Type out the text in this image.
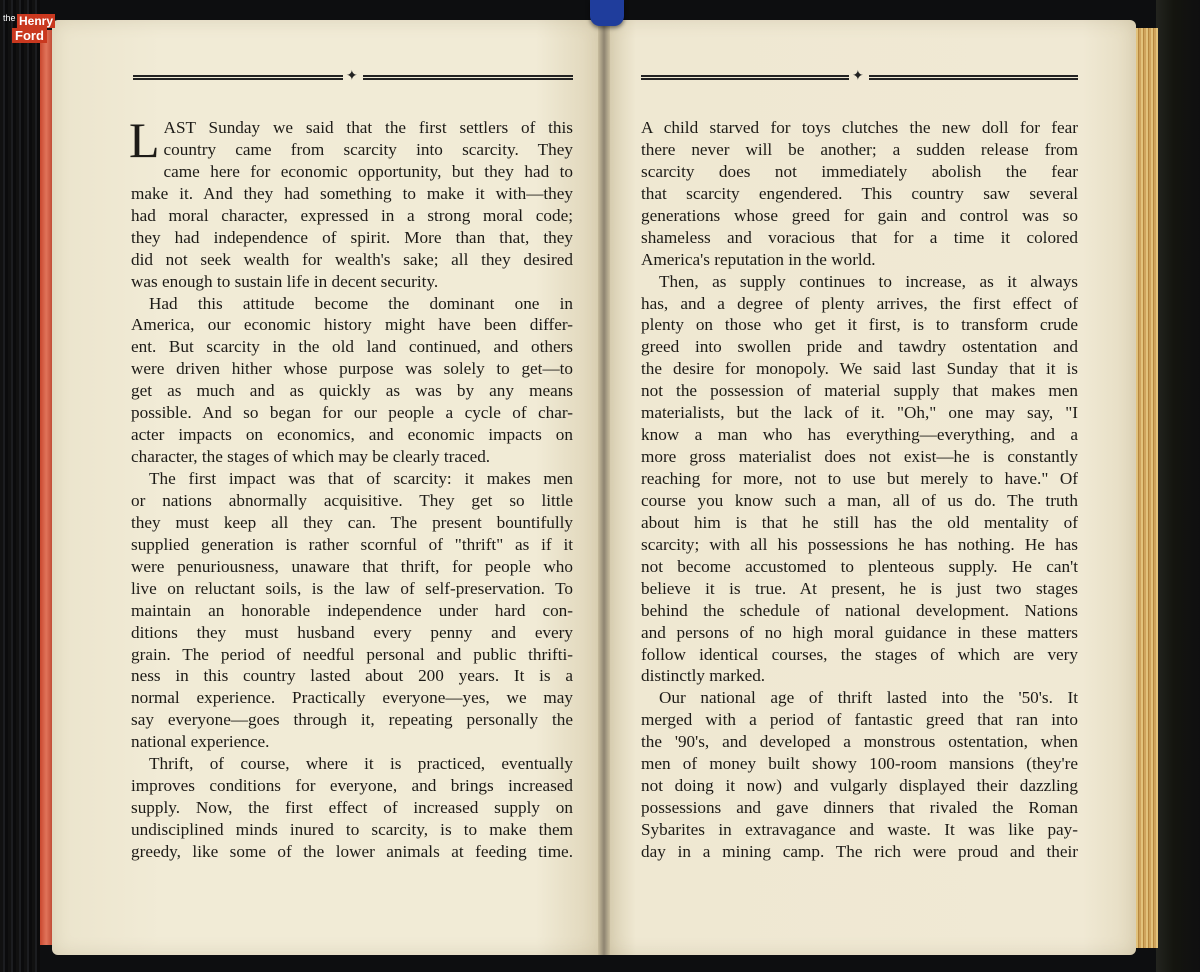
✦	✦
L AST Sunday we said that the first settlers of this
country came from scarcity into scarcity. They
came here for economic opportunity, but they had to
make it. And they had something to make it with—they
had moral character, expressed in a strong moral code;
they had independence of spirit. More than that, they
did not seek wealth for wealth's sake; all they desired
was enough to sustain life in decent security.
Had this attitude become the dominant one in
America, our economic history might have been differ-
ent. But scarcity in the old land continued, and others
were driven hither whose purpose was solely to get—to
get as much and as quickly as was by any means
possible. And so began for our people a cycle of char-
acter impacts on economics, and economic impacts on
character, the stages of which may be clearly traced.
The first impact was that of scarcity: it makes men
or nations abnormally acquisitive. They get so little
they must keep all they can. The present bountifully
supplied generation is rather scornful of "thrift" as if it
were penuriousness, unaware that thrift, for people who
live on reluctant soils, is the law of self-preservation. To
maintain an honorable independence under hard con-
ditions they must husband every penny and every
grain. The period of needful personal and public thrifti-
ness in this country lasted about 200 years. It is a
normal experience. Practically everyone—yes, we may
say everyone—goes through it, repeating personally the
national experience.
Thrift, of course, where it is practiced, eventually
improves conditions for everyone, and brings increased
supply. Now, the first effect of increased supply on
undisciplined minds inured to scarcity, is to make them
greedy, like some of the lower animals at feeding time.
A child starved for toys clutches the new doll for fear
there never will be another; a sudden release from
scarcity does not immediately abolish the fear
that scarcity engendered. This country saw several
generations whose greed for gain and control was so
shameless and voracious that for a time it colored
America's reputation in the world.
Then, as supply continues to increase, as it always
has, and a degree of plenty arrives, the first effect of
plenty on those who get it first, is to transform crude
greed into swollen pride and tawdry ostentation and
the desire for monopoly. We said last Sunday that it is
not the possession of material supply that makes men
materialists, but the lack of it. "Oh," one may say, "I
know a man who has everything—everything, and a
more gross materialist does not exist—he is constantly
reaching for more, not to use but merely to have." Of
course you know such a man, all of us do. The truth
about him is that he still has the old mentality of
scarcity; with all his possessions he has nothing. He has
not become accustomed to plenteous supply. He can't
believe it is true. At present, he is just two stages
behind the schedule of national development. Nations
and persons of no high moral guidance in these matters
follow identical courses, the stages of which are very
distinctly marked.
Our national age of thrift lasted into the '50's. It
merged with a period of fantastic greed that ran into
the '90's, and developed a monstrous ostentation, when
men of money built showy 100-room mansions (they're
not doing it now) and vulgarly displayed their dazzling
possessions and gave dinners that rivaled the Roman
Sybarites in extravagance and waste. It was like pay-
day in a mining camp. The rich were proud and their
the Henry
Ford
